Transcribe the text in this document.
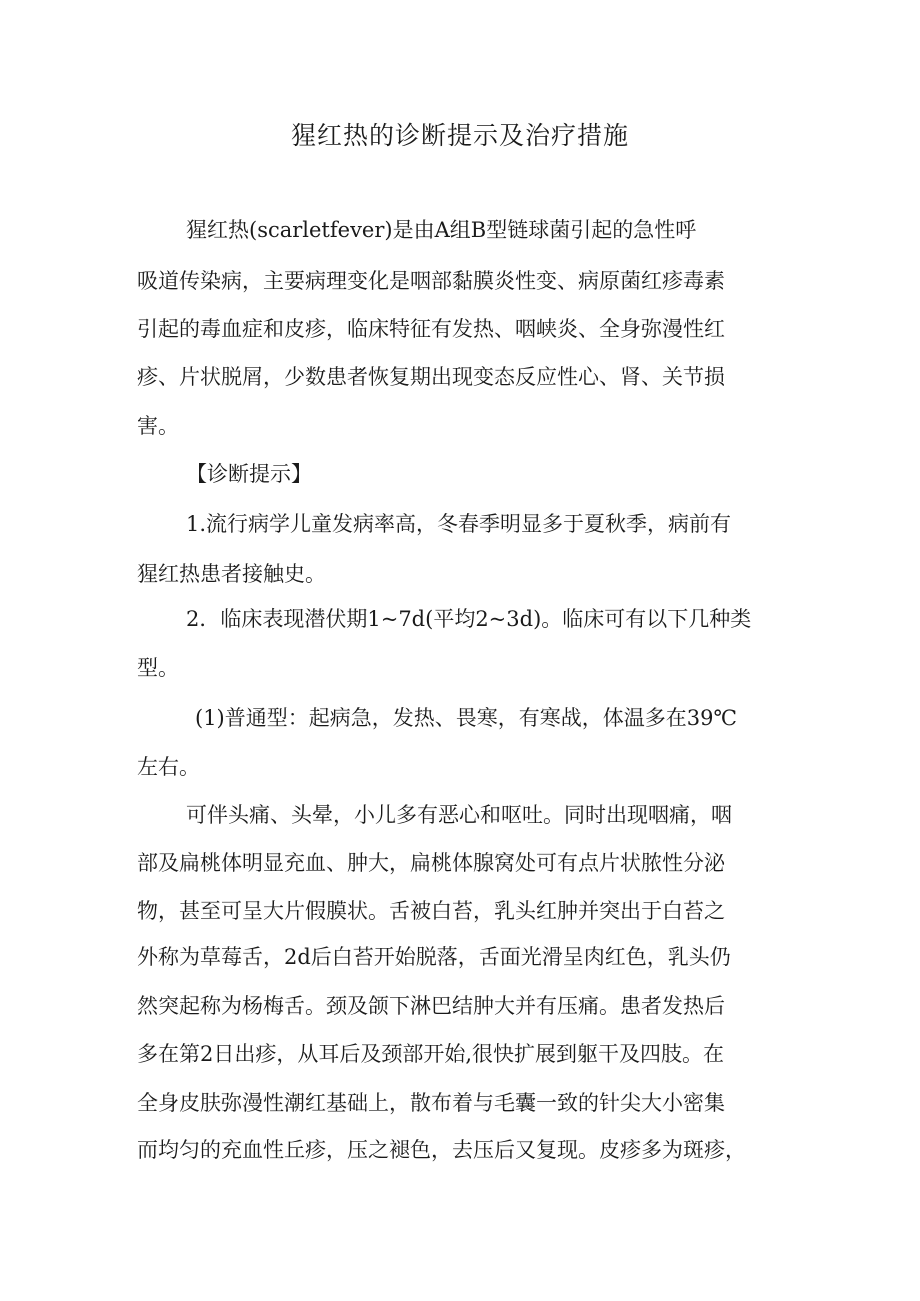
猩红热的诊断提示及治疗措施

猩红热(scarletfever)是由A组B型链球菌引起的急性呼

吸道传染病，主要病理变化是咽部黏膜炎性变、病原菌红疹毒素

引起的毒血症和皮疹，临床特征有发热、咽峡炎、全身弥漫性红

疹、片状脱屑，少数患者恢复期出现变态反应性心、肾、关节损

害。

【诊断提示】

1.流行病学儿童发病率高，冬春季明显多于夏秋季，病前有

猩红热患者接触史。

2．临床表现潜伏期1~7d(平均2~3d)。临床可有以下几种类

型。

(1)普通型：起病急，发热、畏寒，有寒战，体温多在39℃

左右。

可伴头痛、头晕，小儿多有恶心和呕吐。同时出现咽痛，咽

部及扁桃体明显充血、肿大，扁桃体腺窝处可有点片状脓性分泌

物，甚至可呈大片假膜状。舌被白苔，乳头红肿并突出于白苔之

外称为草莓舌，2d后白苔开始脱落，舌面光滑呈肉红色，乳头仍

然突起称为杨梅舌。颈及颌下淋巴结肿大并有压痛。患者发热后

多在第2日出疹，从耳后及颈部开始,很快扩展到躯干及四肢。在

全身皮肤弥漫性潮红基础上，散布着与毛囊一致的针尖大小密集

而均匀的充血性丘疹，压之褪色，去压后又复现。皮疹多为斑疹，
